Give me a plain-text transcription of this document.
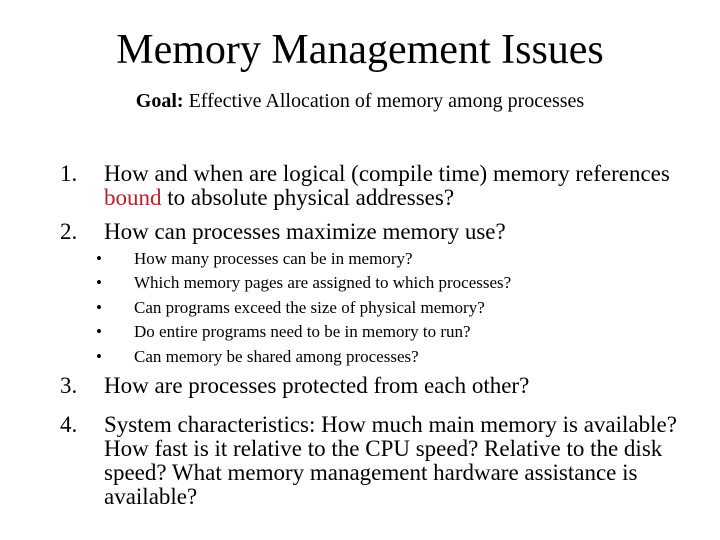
Memory Management Issues
Goal: Effective Allocation of memory among processes
1.	How and when are logical (compile time) memory references bound to absolute physical addresses?
2.	How can processes maximize memory use?
•	How many processes can be in memory?
•	Which memory pages are assigned to which processes?
•	Can programs exceed the size of physical memory?
•	Do entire programs need to be in memory to run?
•	Can memory be shared among processes?
3.	How are processes protected from each other?
4.	System characteristics: How much main memory is available? How fast is it relative to the CPU speed? Relative to the disk speed? What memory management hardware assistance is available?
